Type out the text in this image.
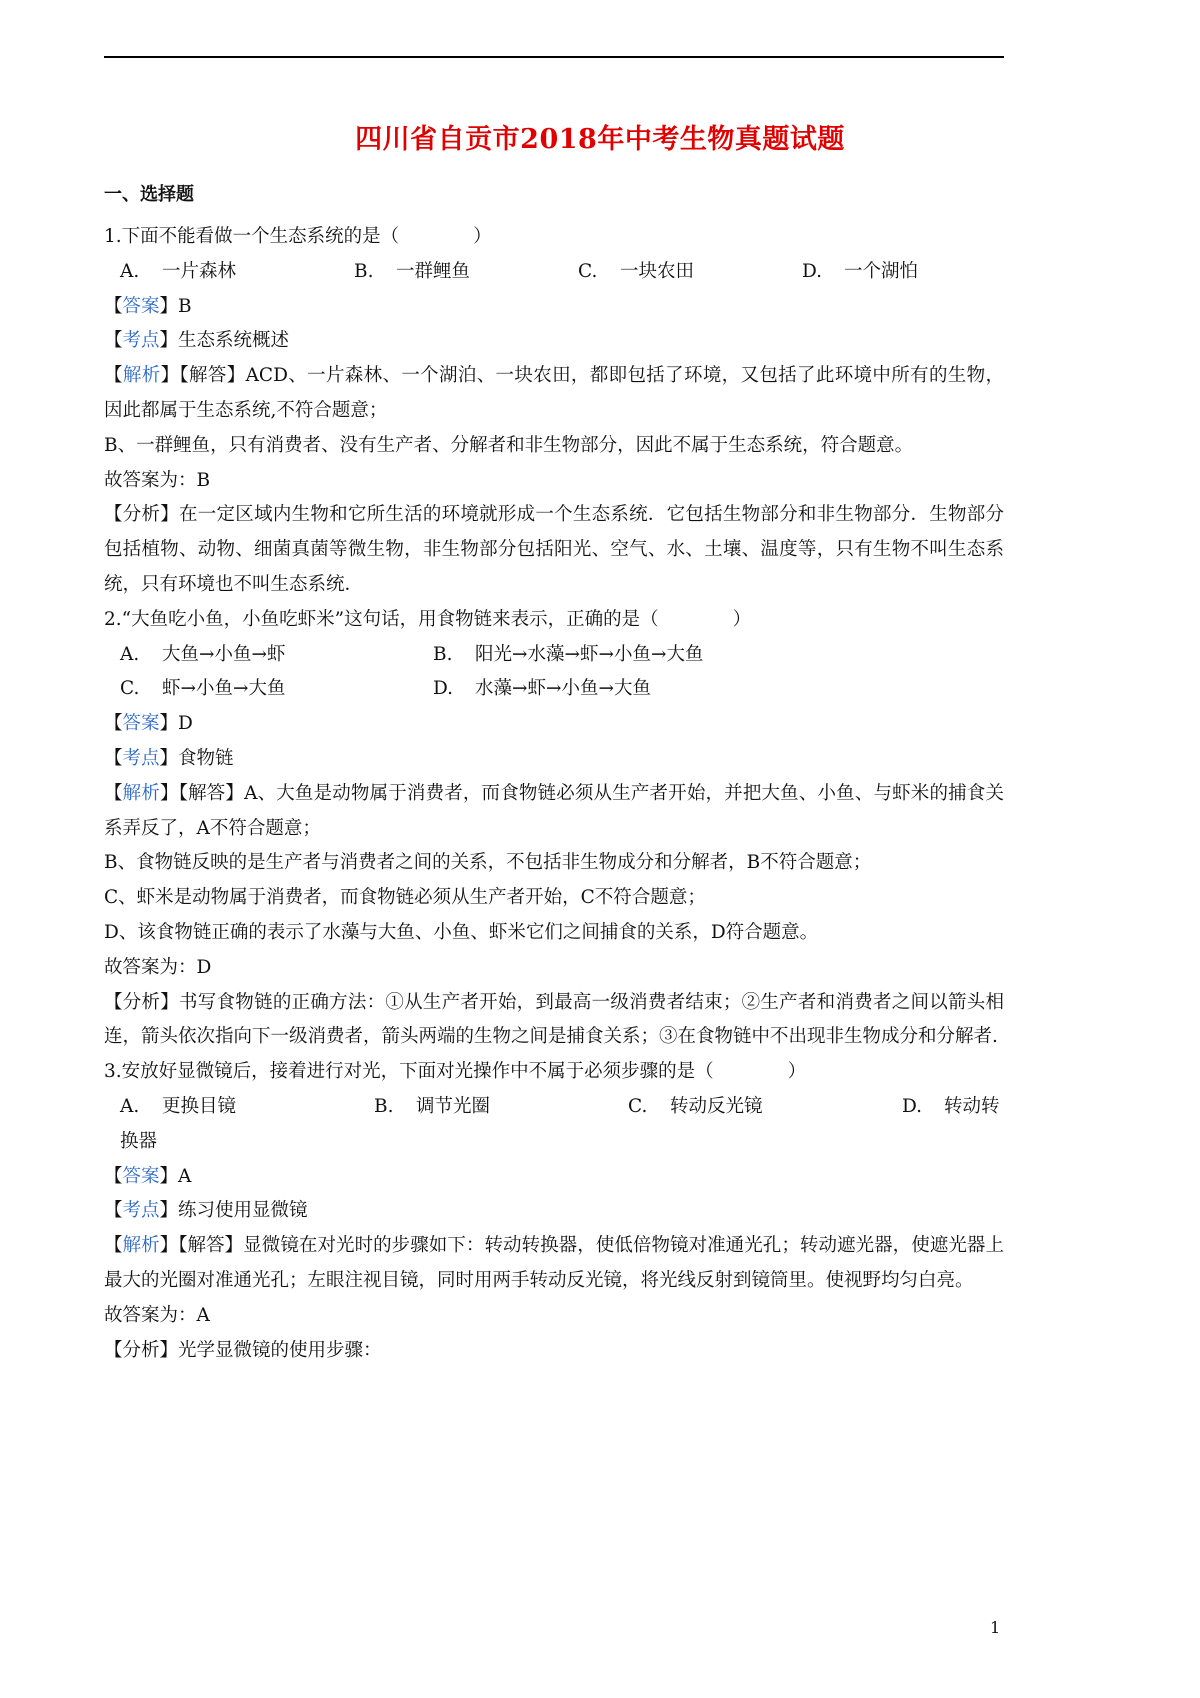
四川省自贡市2018年中考生物真题试题
一、选择题
1.下面不能看做一个生态系统的是（　　　　）
A. 一片森林	B. 一群鲤鱼	C. 一块农田	D. 一个湖怕
【答案】B
【考点】生态系统概述
【解析】【解答】ACD、一片森林、一个湖泊、一块农田，都即包括了环境，又包括了此环境中所有的生物，因此都属于生态系统,不符合题意；
B、一群鲤鱼，只有消费者、没有生产者、分解者和非生物部分，因此不属于生态系统，符合题意。
故答案为：B
【分析】在一定区域内生物和它所生活的环境就形成一个生态系统．它包括生物部分和非生物部分．生物部分包括植物、动物、细菌真菌等微生物，非生物部分包括阳光、空气、水、土壤、温度等，只有生物不叫生态系统，只有环境也不叫生态系统．
2.“大鱼吃小鱼，小鱼吃虾米”这句话，用食物链来表示，正确的是（　　　　）
A. 大鱼→小鱼→虾	B. 阳光→水藻→虾→小鱼→大鱼
C. 虾→小鱼→大鱼	D. 水藻→虾→小鱼→大鱼
【答案】D
【考点】食物链
【解析】【解答】A、大鱼是动物属于消费者，而食物链必须从生产者开始，并把大鱼、小鱼、与虾米的捕食关系弄反了，A不符合题意；
B、食物链反映的是生产者与消费者之间的关系，不包括非生物成分和分解者，B不符合题意；
C、虾米是动物属于消费者，而食物链必须从生产者开始，C不符合题意；
D、该食物链正确的表示了水藻与大鱼、小鱼、虾米它们之间捕食的关系，D符合题意。
故答案为：D
【分析】书写食物链的正确方法：①从生产者开始，到最高一级消费者结束；②生产者和消费者之间以箭头相连，箭头依次指向下一级消费者，箭头两端的生物之间是捕食关系；③在食物链中不出现非生物成分和分解者.
3.安放好显微镜后，接着进行对光，下面对光操作中不属于必须步骤的是（　　　　）
A. 更换目镜	B. 调节光圈	C. 转动反光镜	D. 转动转
换器
【答案】A
【考点】练习使用显微镜
【解析】【解答】显微镜在对光时的步骤如下：转动转换器，使低倍物镜对准通光孔；转动遮光器，使遮光器上最大的光圈对准通光孔；左眼注视目镜，同时用两手转动反光镜，将光线反射到镜筒里。使视野均匀白亮。
故答案为：A
【分析】光学显微镜的使用步骤：
1
